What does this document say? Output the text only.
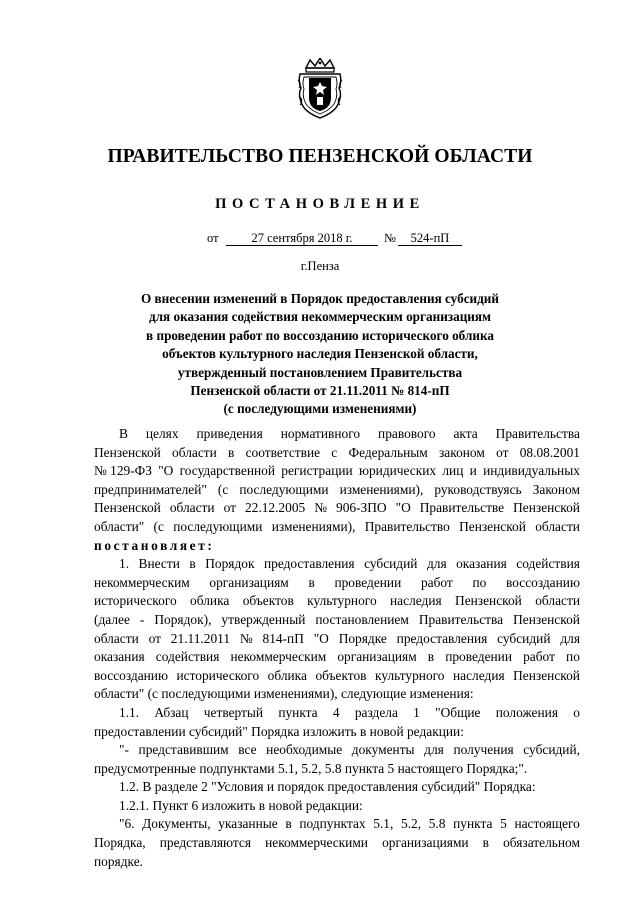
ПРАВИТЕЛЬСТВО ПЕНЗЕНСКОЙ ОБЛАСТИ
ПОСТАНОВЛЕНИЕ
от	27 сентября 2018 г.	№	524-пП
г.Пенза
О внесении изменений в Порядок предоставления субсидий
для оказания содействия некоммерческим организациям
в проведении работ по воссозданию исторического облика
объектов культурного наследия Пензенской области,
утвержденный постановлением Правительства
Пензенской области от 21.11.2011 № 814-пП
(с последующими изменениями)
В целях приведения нормативного правового акта Правительства
Пензенской области в соответствие с Федеральным законом от 08.08.2001
№ 129-ФЗ "О государственной регистрации юридических лиц и индивидуальных
предпринимателей" (с последующими изменениями), руководствуясь Законом
Пензенской области от 22.12.2005 № 906-ЗПО "О Правительстве Пензенской
области" (с последующими изменениями), Правительство Пензенской области
постановляет:
1. Внести в Порядок предоставления субсидий для оказания содействия
некоммерческим организациям в проведении работ по воссозданию
исторического облика объектов культурного наследия Пензенской области
(далее - Порядок), утвержденный постановлением Правительства Пензенской
области от 21.11.2011 № 814-пП "О Порядке предоставления субсидий для
оказания содействия некоммерческим организациям в проведении работ по
воссозданию исторического облика объектов культурного наследия Пензенской
области" (с последующими изменениями), следующие изменения:
1.1. Абзац четвертый пункта 4 раздела 1 "Общие положения о
предоставлении субсидий" Порядка изложить в новой редакции:
"- представившим все необходимые документы для получения субсидий,
предусмотренные подпунктами 5.1, 5.2, 5.8 пункта 5 настоящего Порядка;".
1.2. В разделе 2 "Условия и порядок предоставления субсидий" Порядка:
1.2.1. Пункт 6 изложить в новой редакции:
"6. Документы, указанные в подпунктах 5.1, 5.2, 5.8 пункта 5 настоящего
Порядка, представляются некоммерческими организациями в обязательном
порядке.
